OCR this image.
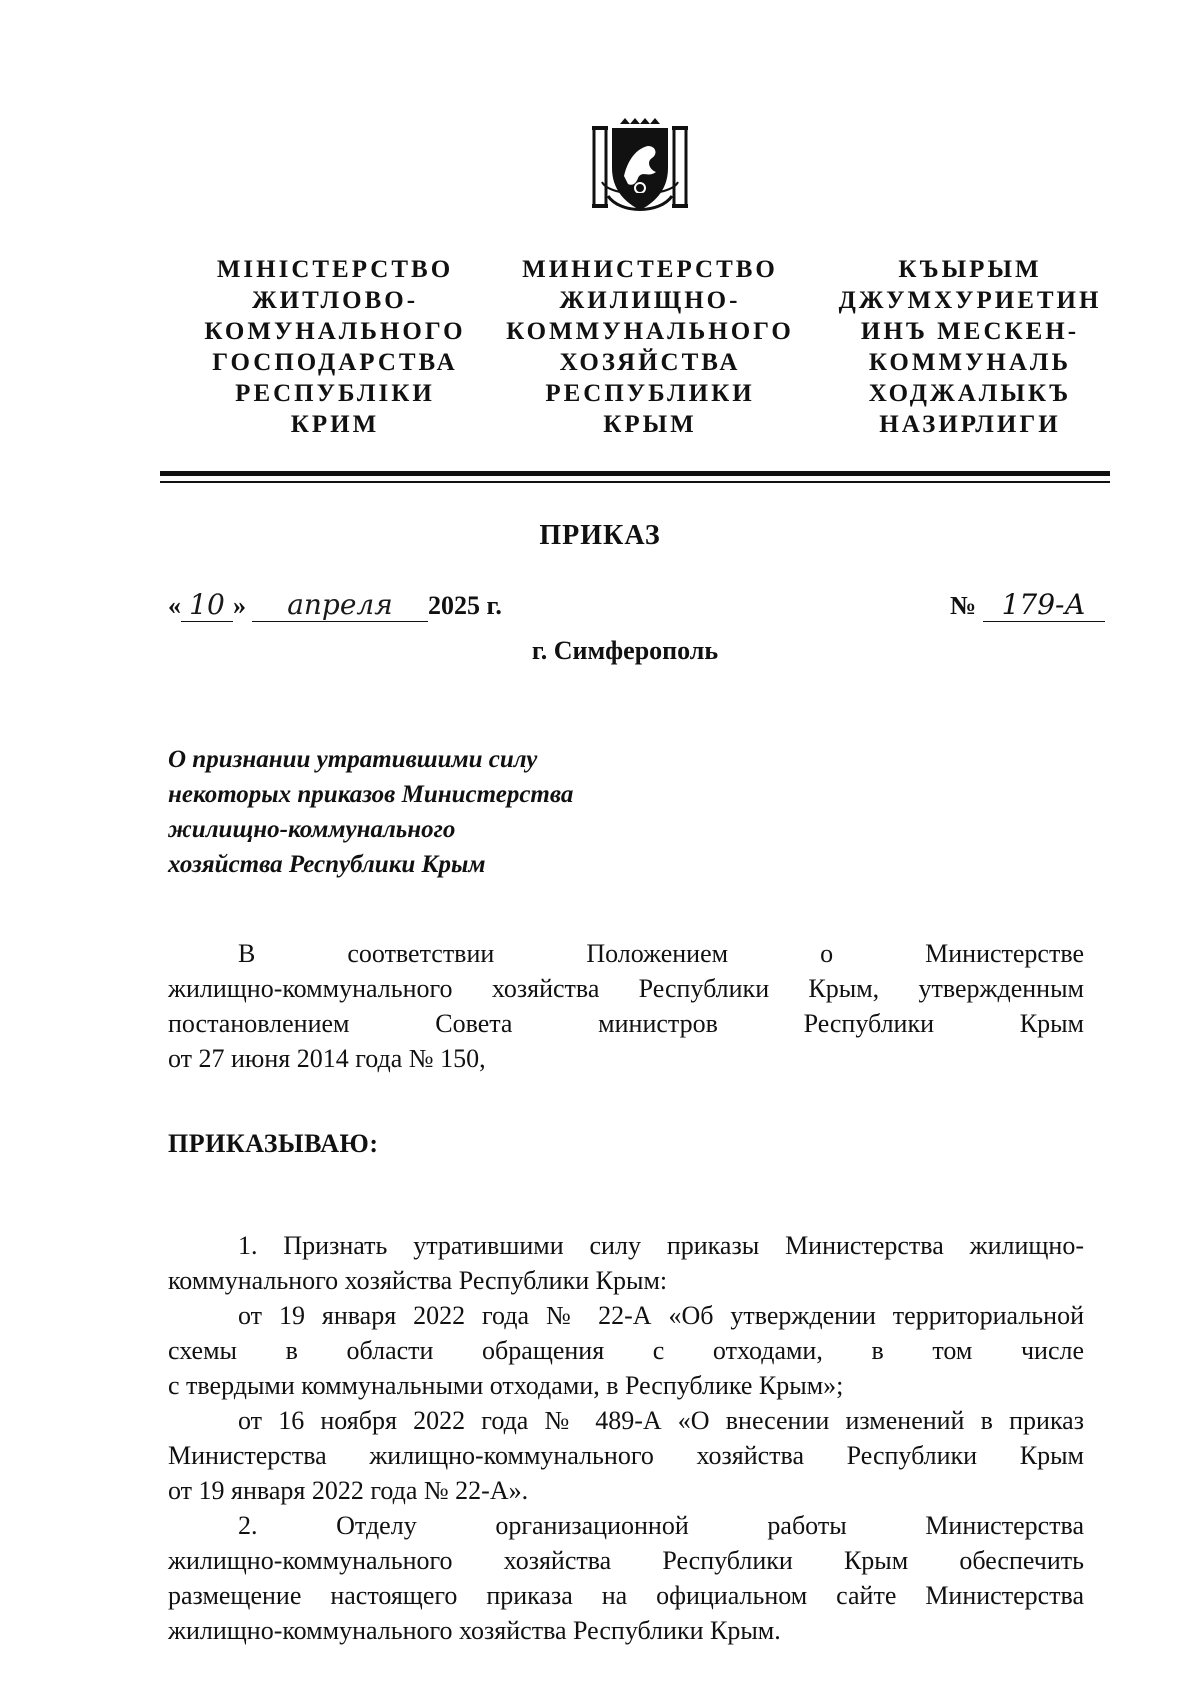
МІНІСТЕРСТВО
ЖИТЛОВО-
КОМУНАЛЬНОГО
ГОСПОДАРСТВА
РЕСПУБЛІКИ
КРИМ
МИНИСТЕРСТВО
ЖИЛИЩНО-
КОММУНАЛЬНОГО
ХОЗЯЙСТВА
РЕСПУБЛИКИ
КРЫМ
КЪЫРЫМ
ДЖУМХУРИЕТИН
ИНЪ МЕСКЕН-
КОММУНАЛЬ
ХОДЖАЛЫКЪ
НАЗИРЛИГИ
ПРИКАЗ
« 10 » апреля 2025 г.	№ 179-А
г. Симферополь
О признании утратившими силу
некоторых приказов Министерства
жилищно-коммунального
хозяйства Республики Крым

В соответствии Положением о Министерстве

жилищно-коммунального хозяйства Республики Крым, утвержденным

постановлением Совета министров Республики Крым

от 27 июня 2014 года № 150,

ПРИКАЗЫВАЮ:

1. Признать утратившими силу приказы Министерства жилищно-

коммунального хозяйства Республики Крым:

от 19 января 2022 года № 22-А «Об утверждении территориальной

схемы в области обращения с отходами, в том числе

с твердыми коммунальными отходами, в Республике Крым»;

от 16 ноября 2022 года № 489-А «О внесении изменений в приказ

Министерства жилищно-коммунального хозяйства Республики Крым

от 19 января 2022 года № 22-А».

2. Отделу организационной работы Министерства

жилищно-коммунального хозяйства Республики Крым обеспечить

размещение настоящего приказа на официальном сайте Министерства

жилищно-коммунального хозяйства Республики Крым.
